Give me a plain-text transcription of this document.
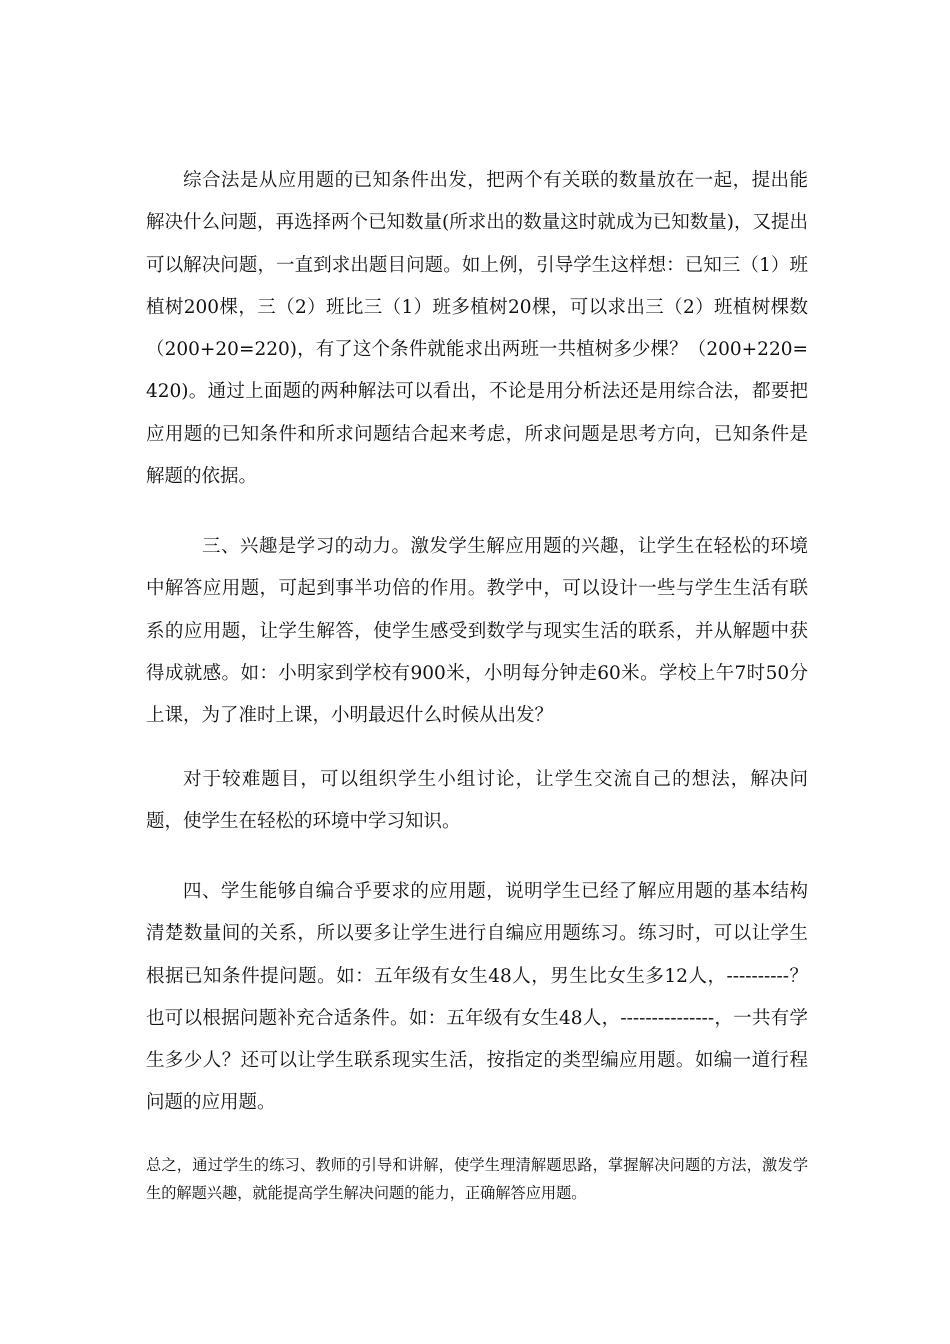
综合法是从应用题的已知条件出发，把两个有关联的数量放在一起，提出能解决什么问题，再选择两个已知数量(所求出的数量这时就成为已知数量)，又提出可以解决问题，一直到求出题目问题。如上例，引导学生这样想：已知三（1）班植树200棵，三（2）班比三（1）班多植树20棵，可以求出三（2）班植树棵数（200+20=220)，有了这个条件就能求出两班一共植树多少棵？（200+220=420)。通过上面题的两种解法可以看出，不论是用分析法还是用综合法，都要把应用题的已知条件和所求问题结合起来考虑，所求问题是思考方向，已知条件是解题的依据。

三、兴趣是学习的动力。激发学生解应用题的兴趣，让学生在轻松的环境中解答应用题，可起到事半功倍的作用。教学中，可以设计一些与学生生活有联系的应用题，让学生解答，使学生感受到数学与现实生活的联系，并从解题中获得成就感。如：小明家到学校有900米，小明每分钟走60米。学校上午7时50分上课，为了准时上课，小明最迟什么时候从出发？

对于较难题目，可以组织学生小组讨论，让学生交流自己的想法，解决问题，使学生在轻松的环境中学习知识。

四、学生能够自编合乎要求的应用题，说明学生已经了解应用题的基本结构清楚数量间的关系，所以要多让学生进行自编应用题练习。练习时，可以让学生根据已知条件提问题。如：五年级有女生48人，男生比女生多12人，----------？也可以根据问题补充合适条件。如：五年级有女生48人，---------------，一共有学生多少人？还可以让学生联系现实生活，按指定的类型编应用题。如编一道行程问题的应用题。

总之，通过学生的练习、教师的引导和讲解，使学生理清解题思路，掌握解决问题的方法，激发学生的解题兴趣，就能提高学生解决问题的能力，正确解答应用题。
